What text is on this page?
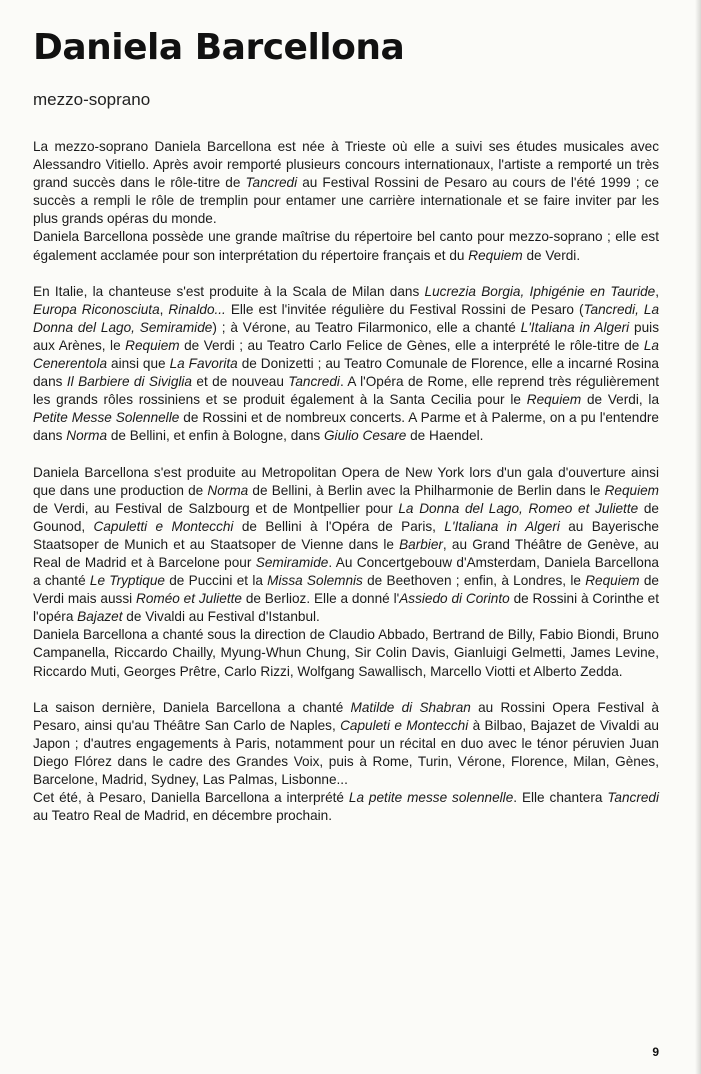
Daniela Barcellona
mezzo-soprano

La mezzo-soprano Daniela Barcellona est née à Trieste où elle a suivi ses études musicales avec Alessandro Vitiello. Après avoir remporté plusieurs concours internationaux, l'artiste a remporté un très grand succès dans le rôle-titre de Tancredi au Festival Rossini de Pesaro au cours de l'été 1999 ; ce succès a rempli le rôle de tremplin pour entamer une carrière internationale et se faire inviter par les plus grands opéras du monde.
Daniela Barcellona possède une grande maîtrise du répertoire bel canto pour mezzo-soprano ; elle est également acclamée pour son interprétation du répertoire français et du Requiem de Verdi.

En Italie, la chanteuse s'est produite à la Scala de Milan dans Lucrezia Borgia, Iphigénie en Tauride, Europa Riconosciuta, Rinaldo... Elle est l'invitée régulière du Festival Rossini de Pesaro (Tancredi, La Donna del Lago, Semiramide) ; à Vérone, au Teatro Filarmonico, elle a chanté L'Italiana in Algeri puis aux Arènes, le Requiem de Verdi ; au Teatro Carlo Felice de Gènes, elle a interprété le rôle-titre de La Cenerentola ainsi que La Favorita de Donizetti ; au Teatro Comunale de Florence, elle a incarné Rosina dans Il Barbiere di Siviglia et de nouveau Tancredi. A l'Opéra de Rome, elle reprend très régulièrement les grands rôles rossiniens et se produit également à la Santa Cecilia pour le Requiem de Verdi, la Petite Messe Solennelle de Rossini et de nombreux concerts. A Parme et à Palerme, on a pu l'entendre dans Norma de Bellini, et enfin à Bologne, dans Giulio Cesare de Haendel.

Daniela Barcellona s'est produite au Metropolitan Opera de New York lors d'un gala d'ouverture ainsi que dans une production de Norma de Bellini, à Berlin avec la Philharmonie de Berlin dans le Requiem de Verdi, au Festival de Salzbourg et de Montpellier pour La Donna del Lago, Romeo et Juliette de Gounod, Capuletti e Montecchi de Bellini à l'Opéra de Paris, L'Italiana in Algeri au Bayerische Staatsoper de Munich et au Staatsoper de Vienne dans le Barbier, au Grand Théâtre de Genève, au Real de Madrid et à Barcelone pour Semiramide. Au Concertgebouw d'Amsterdam, Daniela Barcellona a chanté Le Tryptique de Puccini et la Missa Solemnis de Beethoven ; enfin, à Londres, le Requiem de Verdi mais aussi Roméo et Juliette de Berlioz. Elle a donné l'Assiedo di Corinto de Rossini à Corinthe et l'opéra Bajazet de Vivaldi au Festival d'Istanbul.
Daniela Barcellona a chanté sous la direction de Claudio Abbado, Bertrand de Billy, Fabio Biondi, Bruno Campanella, Riccardo Chailly, Myung-Whun Chung, Sir Colin Davis, Gianluigi Gelmetti, James Levine, Riccardo Muti, Georges Prêtre, Carlo Rizzi, Wolfgang Sawallisch, Marcello Viotti et Alberto Zedda.

La saison dernière, Daniela Barcellona a chanté Matilde di Shabran au Rossini Opera Festival à Pesaro, ainsi qu'au Théâtre San Carlo de Naples, Capuleti e Montecchi à Bilbao, Bajazet de Vivaldi au Japon ; d'autres engagements à Paris, notamment pour un récital en duo avec le ténor péruvien Juan Diego Flórez dans le cadre des Grandes Voix, puis à Rome, Turin, Vérone, Florence, Milan, Gènes, Barcelone, Madrid, Sydney, Las Palmas, Lisbonne...
Cet été, à Pesaro, Daniella Barcellona a interprété La petite messe solennelle. Elle chantera Tancredi au Teatro Real de Madrid, en décembre prochain.

9
